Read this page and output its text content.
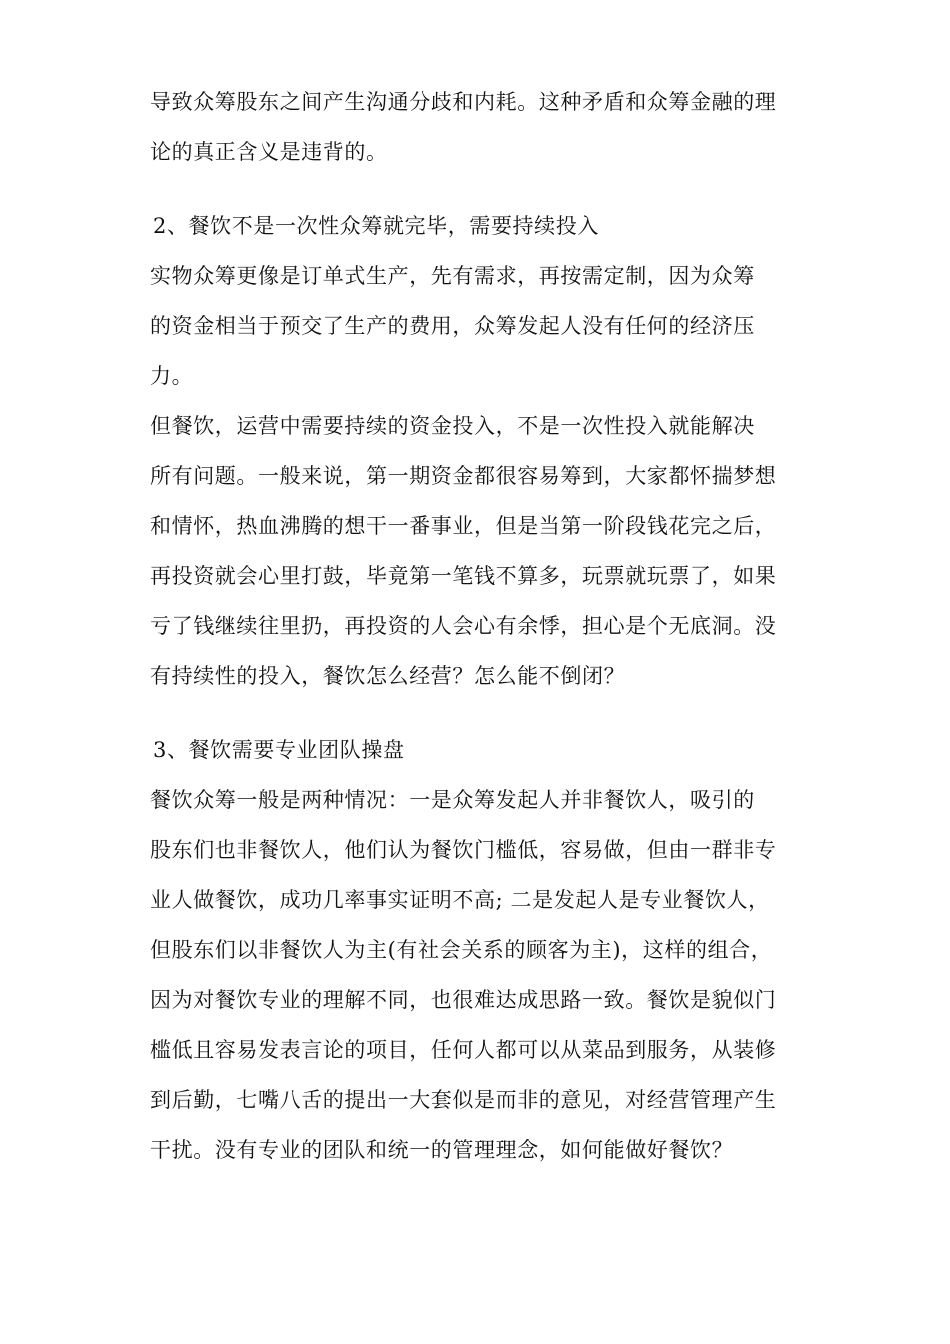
导致众筹股东之间产生沟通分歧和内耗。这种矛盾和众筹金融的理
论的真正含义是违背的。
2、餐饮不是一次性众筹就完毕，需要持续投入
实物众筹更像是订单式生产，先有需求，再按需定制，因为众筹
的资金相当于预交了生产的费用，众筹发起人没有任何的经济压
力。
但餐饮，运营中需要持续的资金投入，不是一次性投入就能解决
所有问题。一般来说，第一期资金都很容易筹到，大家都怀揣梦想
和情怀，热血沸腾的想干一番事业，但是当第一阶段钱花完之后，
再投资就会心里打鼓，毕竟第一笔钱不算多，玩票就玩票了，如果
亏了钱继续往里扔，再投资的人会心有余悸，担心是个无底洞。没
有持续性的投入，餐饮怎么经营？怎么能不倒闭？
3、餐饮需要专业团队操盘
餐饮众筹一般是两种情况：一是众筹发起人并非餐饮人，吸引的
股东们也非餐饮人，他们认为餐饮门槛低，容易做，但由一群非专
业人做餐饮，成功几率事实证明不高; 二是发起人是专业餐饮人，
但股东们以非餐饮人为主(有社会关系的顾客为主)，这样的组合，
因为对餐饮专业的理解不同，也很难达成思路一致。餐饮是貌似门
槛低且容易发表言论的项目，任何人都可以从菜品到服务，从装修
到后勤，七嘴八舌的提出一大套似是而非的意见，对经营管理产生
干扰。没有专业的团队和统一的管理理念，如何能做好餐饮？
